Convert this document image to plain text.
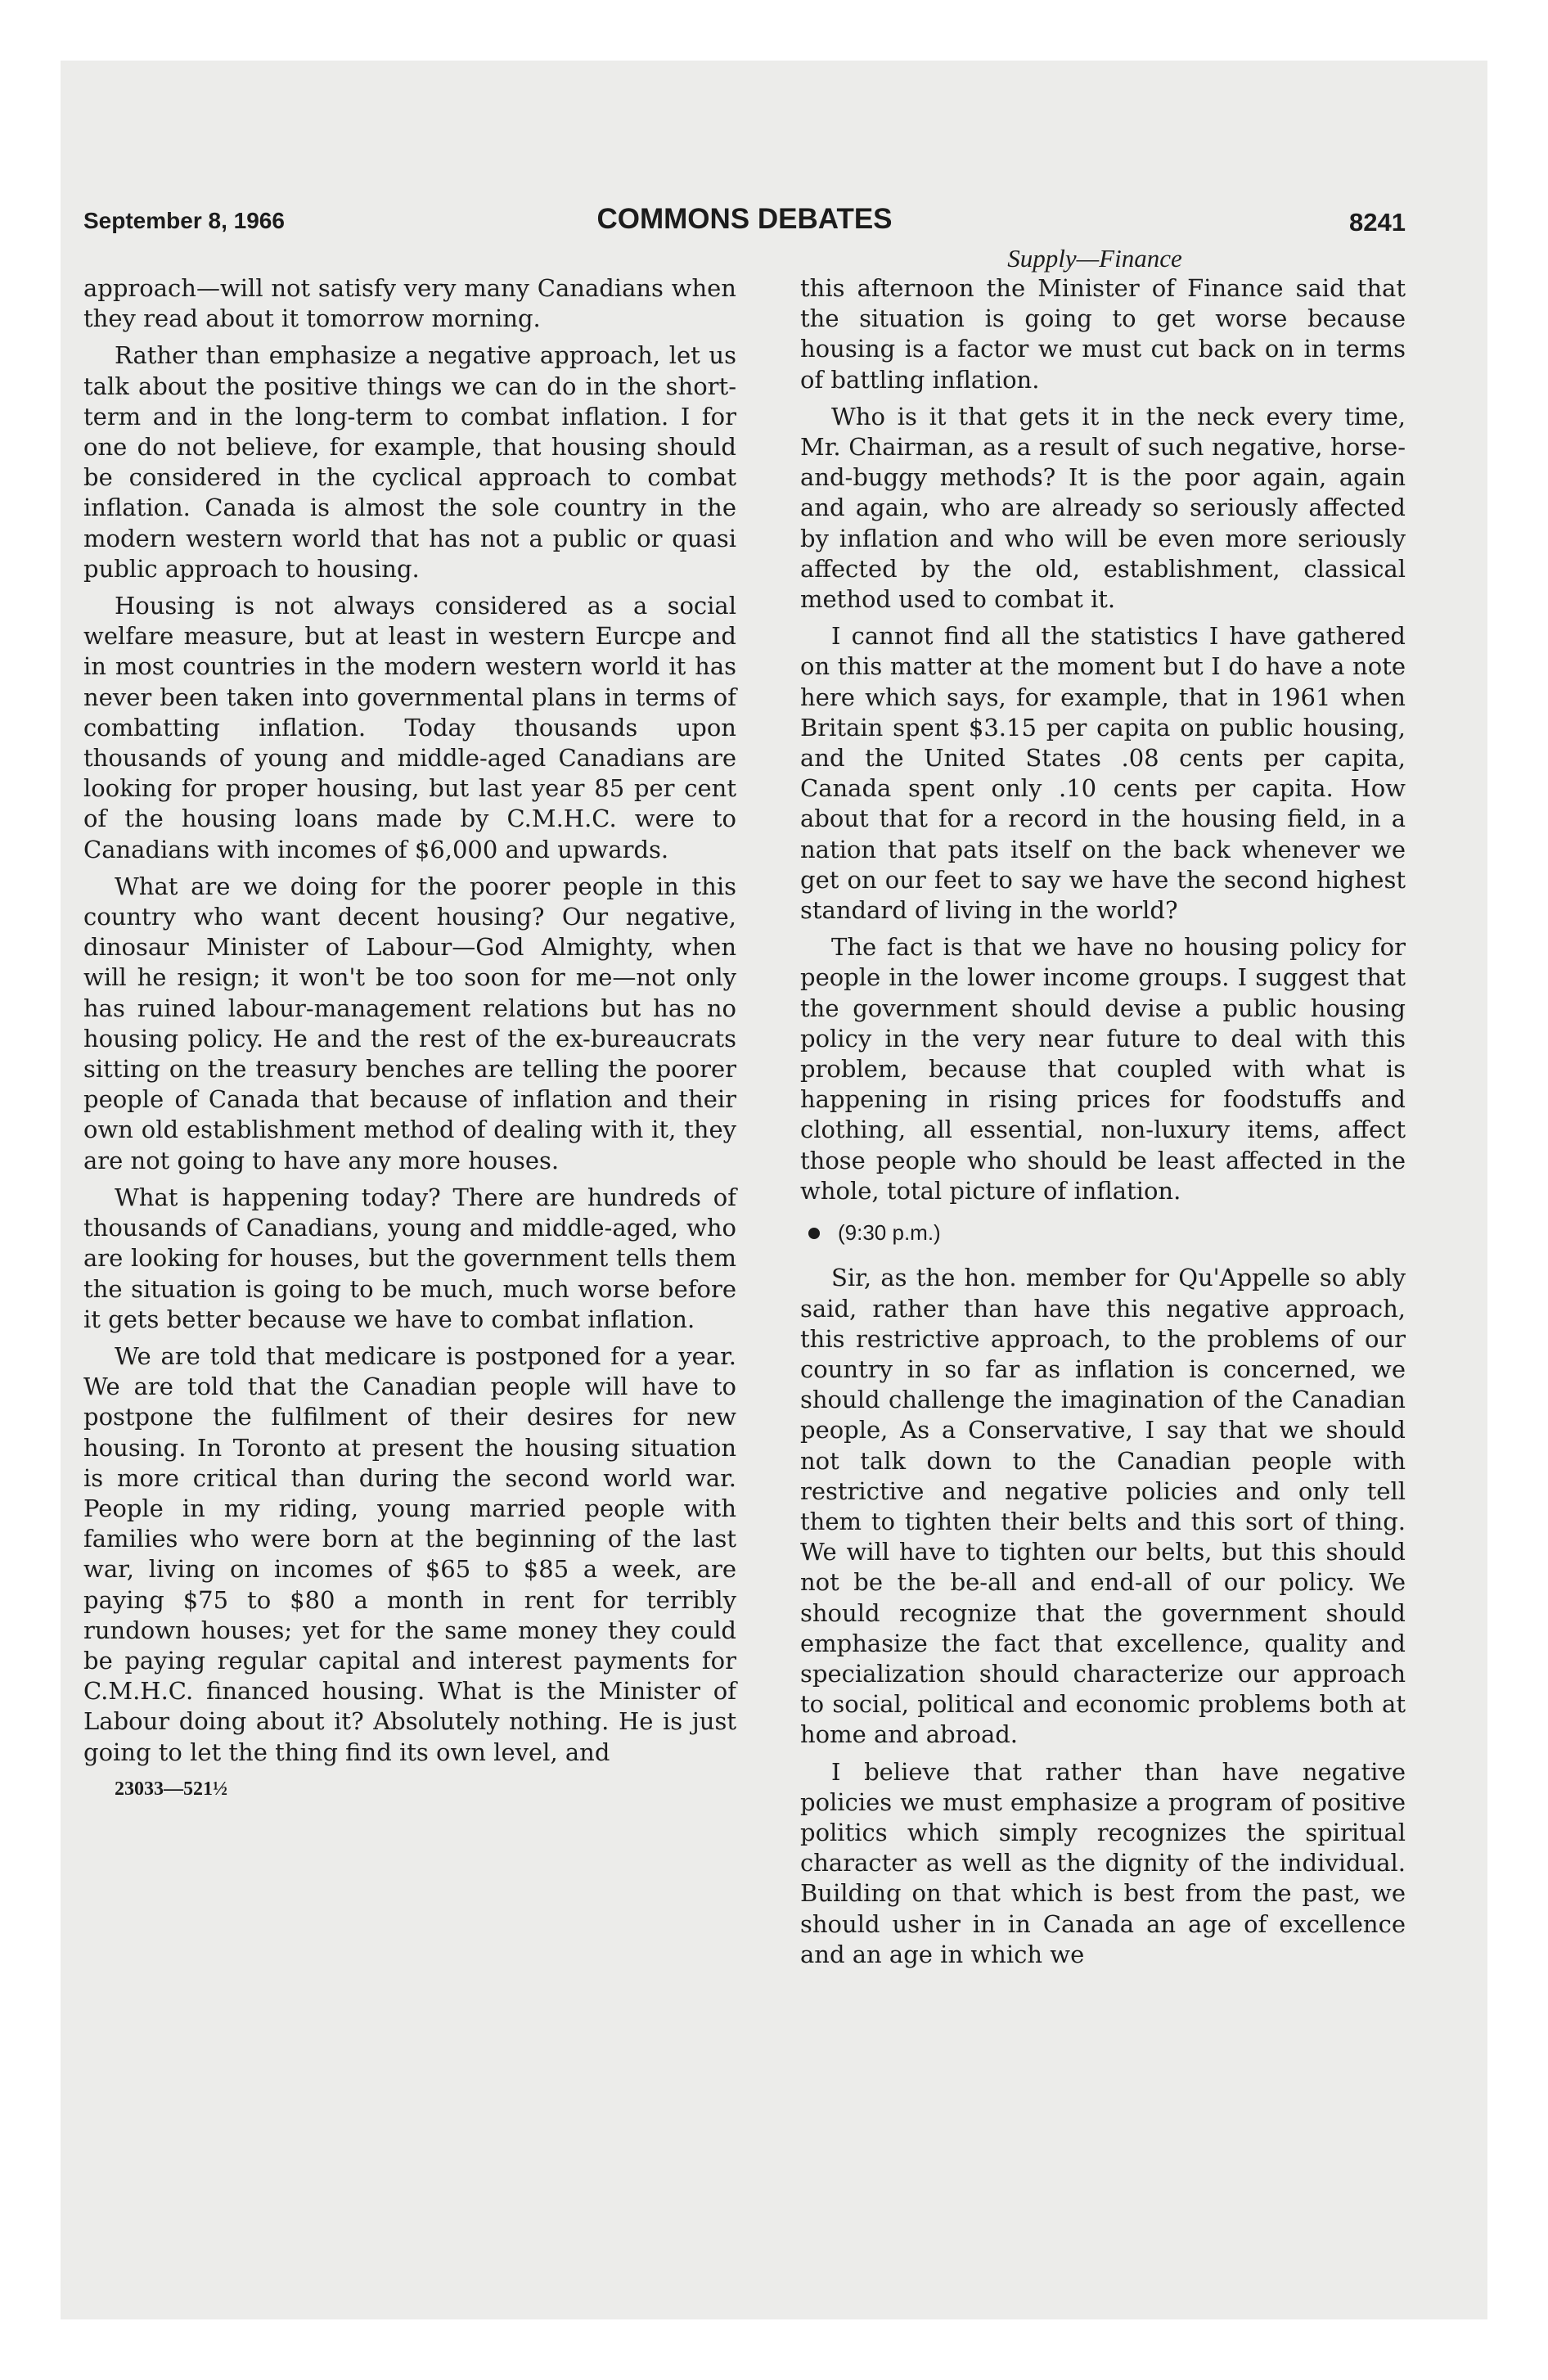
September 8, 1966	COMMONS DEBATES	8241
Supply—Finance

approach—will not satisfy very many Canadians when they read about it tomorrow morning.

Rather than emphasize a negative approach, let us talk about the positive things we can do in the short-term and in the long-term to combat inflation. I for one do not believe, for example, that housing should be considered in the cyclical approach to combat inflation. Canada is almost the sole country in the modern western world that has not a public or quasi public approach to housing.

Housing is not always considered as a social welfare measure, but at least in western Eurcpe and in most countries in the modern western world it has never been taken into governmental plans in terms of combatting inflation. Today thousands upon thousands of young and middle-aged Canadians are looking for proper housing, but last year 85 per cent of the housing loans made by C.M.H.C. were to Canadians with incomes of $6,000 and upwards.

What are we doing for the poorer people in this country who want decent housing? Our negative, dinosaur Minister of Labour—God Almighty, when will he resign; it won't be too soon for me—not only has ruined labour-management relations but has no housing policy. He and the rest of the ex-bureaucrats sitting on the treasury benches are telling the poorer people of Canada that because of inflation and their own old establishment method of dealing with it, they are not going to have any more houses.

What is happening today? There are hundreds of thousands of Canadians, young and middle-aged, who are looking for houses, but the government tells them the situation is going to be much, much worse before it gets better because we have to combat inflation.

We are told that medicare is postponed for a year. We are told that the Canadian people will have to postpone the fulfilment of their desires for new housing. In Toronto at present the housing situation is more critical than during the second world war. People in my riding, young married people with families who were born at the beginning of the last war, living on incomes of $65 to $85 a week, are paying $75 to $80 a month in rent for terribly rundown houses; yet for the same money they could be paying regular capital and interest payments for C.M.H.C. financed housing. What is the Minister of Labour doing about it? Absolutely nothing. He is just going to let the thing find its own level, and

23033—521½

this afternoon the Minister of Finance said that the situation is going to get worse because housing is a factor we must cut back on in terms of battling inflation.

Who is it that gets it in the neck every time, Mr. Chairman, as a result of such negative, horse-and-buggy methods? It is the poor again, again and again, who are already so seriously affected by inflation and who will be even more seriously affected by the old, establishment, classical method used to combat it.

I cannot find all the statistics I have gathered on this matter at the moment but I do have a note here which says, for example, that in 1961 when Britain spent $3.15 per capita on public housing, and the United States .08 cents per capita, Canada spent only .10 cents per capita. How about that for a record in the housing field, in a nation that pats itself on the back whenever we get on our feet to say we have the second highest standard of living in the world?

The fact is that we have no housing policy for people in the lower income groups. I suggest that the government should devise a public housing policy in the very near future to deal with this problem, because that coupled with what is happening in rising prices for foodstuffs and clothing, all essential, non-luxury items, affect those people who should be least affected in the whole, total picture of inflation.

(9:30 p.m.)

Sir, as the hon. member for Qu'Appelle so ably said, rather than have this negative approach, this restrictive approach, to the problems of our country in so far as inflation is concerned, we should challenge the imagination of the Canadian people, As a Conservative, I say that we should not talk down to the Canadian people with restrictive and negative policies and only tell them to tighten their belts and this sort of thing. We will have to tighten our belts, but this should not be the be-all and end-all of our policy. We should recognize that the government should emphasize the fact that excellence, quality and specialization should characterize our approach to social, political and economic problems both at home and abroad.

I believe that rather than have negative policies we must emphasize a program of positive politics which simply recognizes the spiritual character as well as the dignity of the individual. Building on that which is best from the past, we should usher in in Canada an age of excellence and an age in which we
